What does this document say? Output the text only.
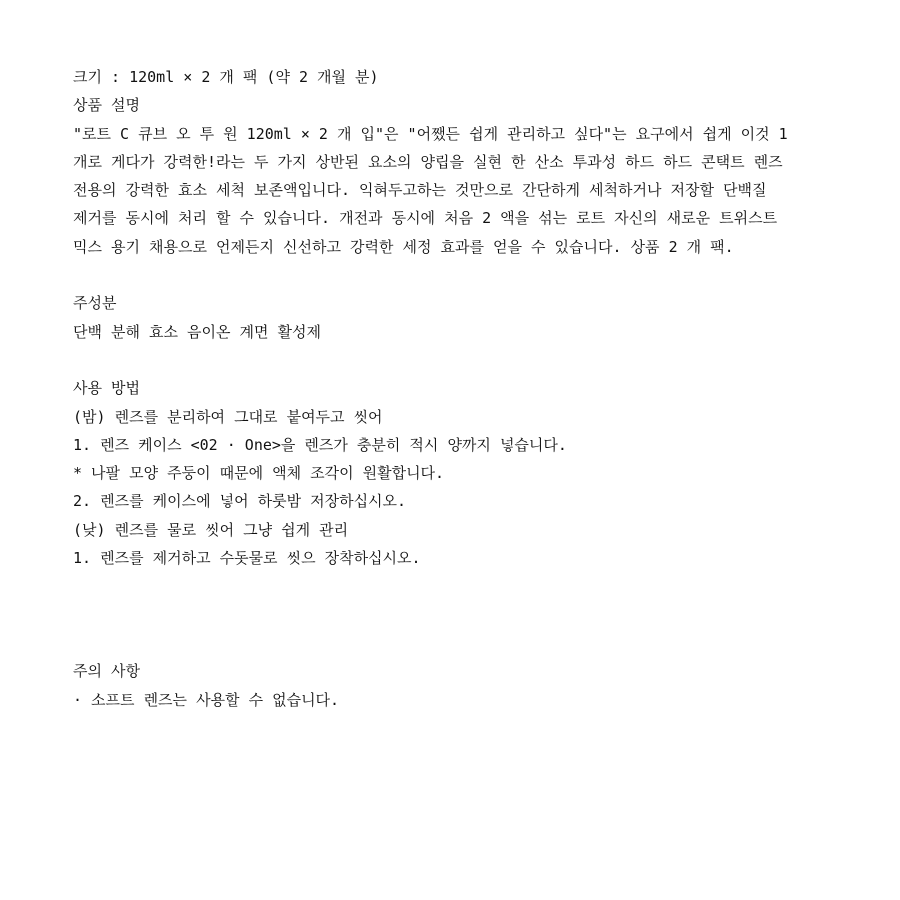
크기 : 120ml × 2 개 팩 (약 2 개월 분)
상품 설명
"로트 C 큐브 오 투 원 120ml × 2 개 입"은 "어쨌든 쉽게 관리하고 싶다"는 요구에서 쉽게 이것 1
개로 게다가 강력한!라는 두 가지 상반된 요소의 양립을 실현 한 산소 투과성 하드 하드 콘택트 렌즈
전용의 강력한 효소 세척 보존액입니다. 익혀두고하는 것만으로 간단하게 세척하거나 저장할 단백질
제거를 동시에 처리 할 수 있습니다. 개전과 동시에 처음 2 액을 섞는 로트 자신의 새로운 트위스트
믹스 용기 채용으로 언제든지 신선하고 강력한 세정 효과를 얻을 수 있습니다. 상품 2 개 팩.
주성분
단백 분해 효소 음이온 계면 활성제
사용 방법
(밤) 렌즈를 분리하여 그대로 붙여두고 씻어
1. 렌즈 케이스 <02 · One>을 렌즈가 충분히 적시 양까지 넣습니다.
* 나팔 모양 주둥이 때문에 액체 조각이 원활합니다.
2. 렌즈를 케이스에 넣어 하룻밤 저장하십시오.
(낮) 렌즈를 물로 씻어 그냥 쉽게 관리
1. 렌즈를 제거하고 수돗물로 씻으 장착하십시오.
주의 사항
· 소프트 렌즈는 사용할 수 없습니다.
